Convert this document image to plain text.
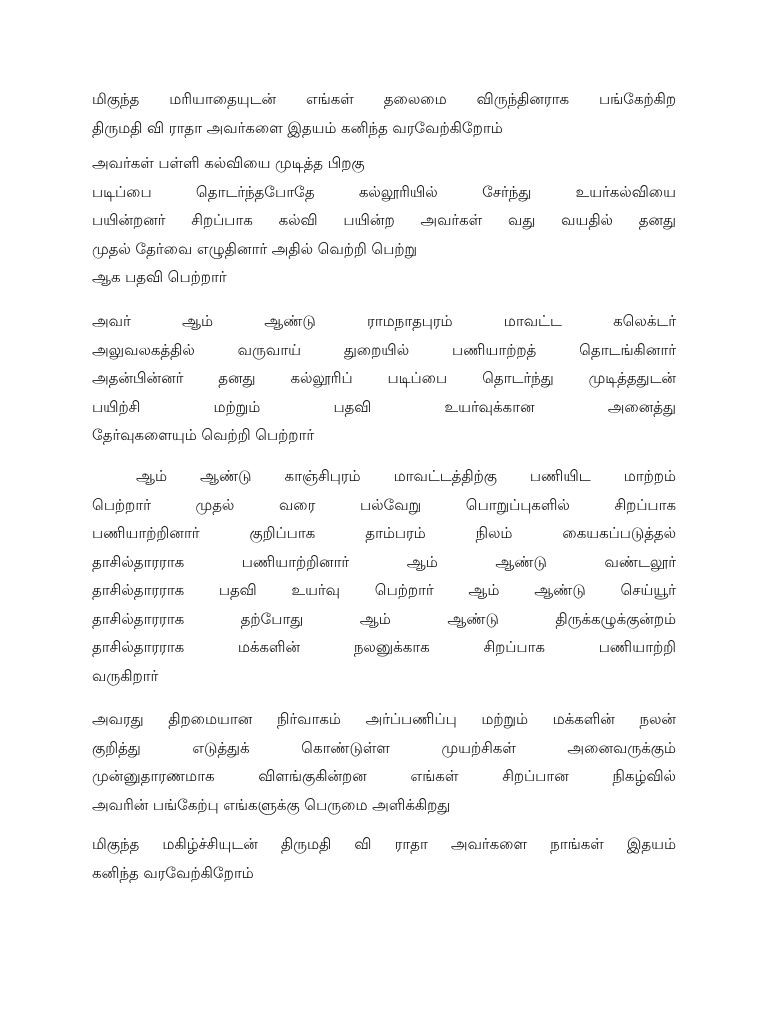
மிகுந்த மரியாதையுடன் எங்கள் தலைமை விருந்தினராக பங்கேற்கிற
திருமதி வி ராதா அவர்களை இதயம் கனிந்த வரவேற்கிறோம்
அவர்கள் பள்ளி கல்வியை முடித்த பிறகு
படிப்பை	தொடர்ந்தபோதே	கல்லூரியில்	சேர்ந்து	உயர்கல்வியை
பயின்றனர் சிறப்பாக கல்வி பயின்ற அவர்கள் வது வயதில் தனது
முதல் தேர்வை எழுதினார் அதில் வெற்றி பெற்று
ஆக பதவி பெற்றார்
அவர்	ஆம்	ஆண்டு	ராமநாதபுரம்	மாவட்ட	கலெக்டர்
அலுவலகத்தில்	வருவாய்	துறையில்	பணியாற்றத்	தொடங்கினார்
அதன்பின்னர் தனது கல்லூரிப் படிப்பை தொடர்ந்து முடித்ததுடன்
பயிற்சி	மற்றும்	பதவி	உயர்வுக்கான	அனைத்து
தேர்வுகளையும் வெற்றி பெற்றார்
ஆம் ஆண்டு காஞ்சிபுரம் மாவட்டத்திற்கு பணியிட மாற்றம்
பெற்றார்	முதல்	வரை	பல்வேறு	பொறுப்புகளில்	சிறப்பாக
பணியாற்றினார்	குறிப்பாக	தாம்பரம்	நிலம்	கையகப்படுத்தல்
தாசில்தாரராக	பணியாற்றினார்	ஆம்	ஆண்டு	வண்டலூர்
தாசில்தாரராக பதவி உயர்வு பெற்றார் ஆம் ஆண்டு செய்யூர்
தாசில்தாரராக	தற்போது	ஆம்	ஆண்டு	திருக்கழுக்குன்றம்
தாசில்தாரராக	மக்களின்	நலனுக்காக	சிறப்பாக	பணியாற்றி
வருகிறார்
அவரது திறமையான நிர்வாகம் அர்ப்பணிப்பு மற்றும் மக்களின் நலன்
குறித்து	எடுத்துக்	கொண்டுள்ள	முயற்சிகள்	அனைவருக்கும்
முன்னுதாரணமாக	விளங்குகின்றன	எங்கள்	சிறப்பான	நிகழ்வில்
அவரின் பங்கேற்பு எங்களுக்கு பெருமை அளிக்கிறது
மிகுந்த மகிழ்ச்சியுடன் திருமதி வி ராதா அவர்களை நாங்கள் இதயம்
கனிந்த வரவேற்கிறோம்
